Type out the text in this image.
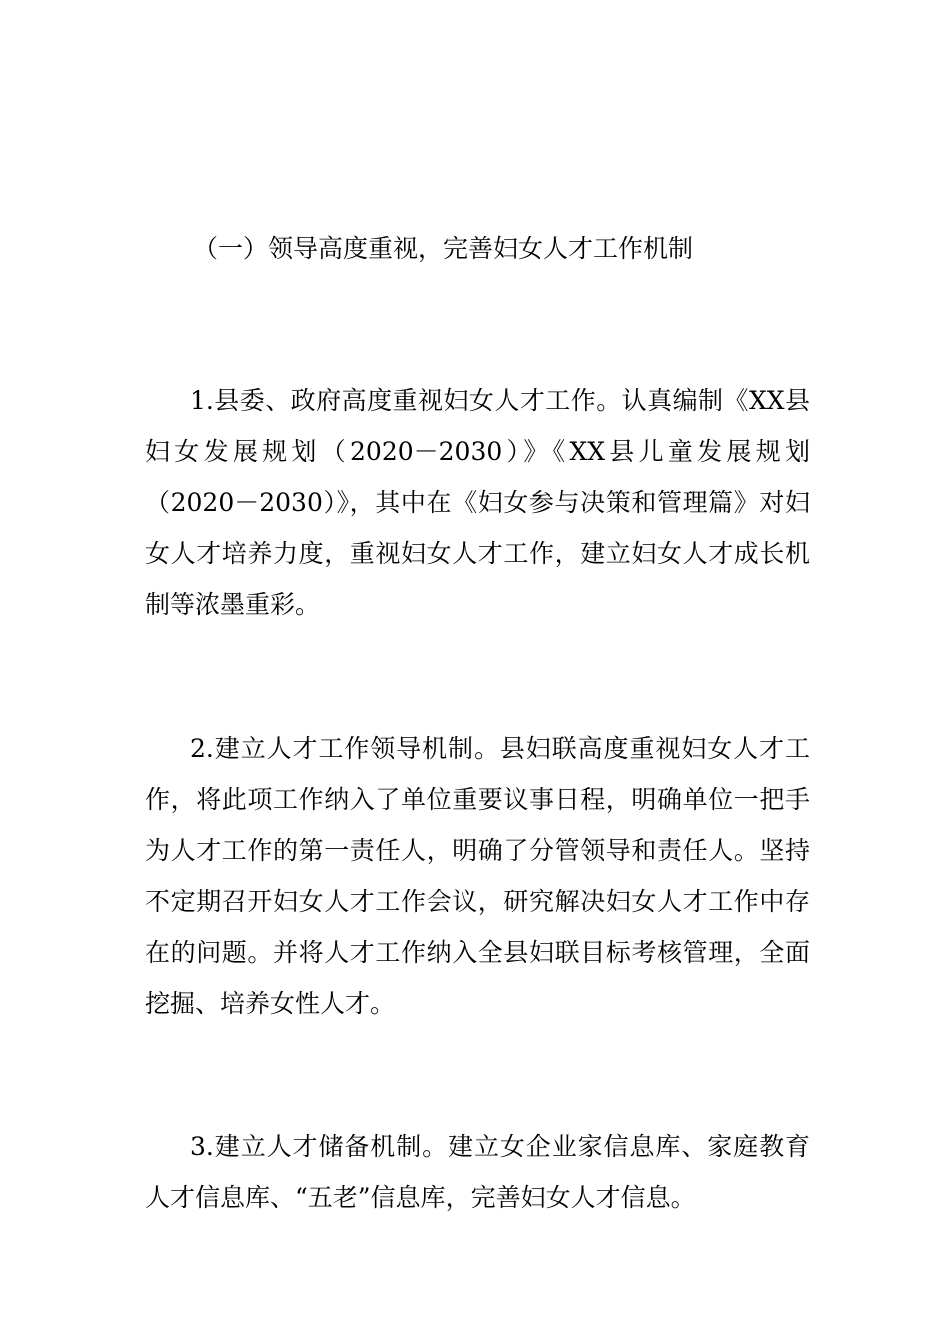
（一）领导高度重视，完善妇女人才工作机制

1.县委、政府高度重视妇女人才工作。认真编制《XX县妇女发展规划（2020－2030）》《XX县儿童发展规划（2020－2030）》，其中在《妇女参与决策和管理篇》对妇女人才培养力度，重视妇女人才工作，建立妇女人才成长机制等浓墨重彩。

2.建立人才工作领导机制。县妇联高度重视妇女人才工作，将此项工作纳入了单位重要议事日程，明确单位一把手为人才工作的第一责任人，明确了分管领导和责任人。坚持不定期召开妇女人才工作会议，研究解决妇女人才工作中存在的问题。并将人才工作纳入全县妇联目标考核管理，全面挖掘、培养女性人才。

3.建立人才储备机制。建立女企业家信息库、家庭教育人才信息库、“五老”信息库，完善妇女人才信息。
